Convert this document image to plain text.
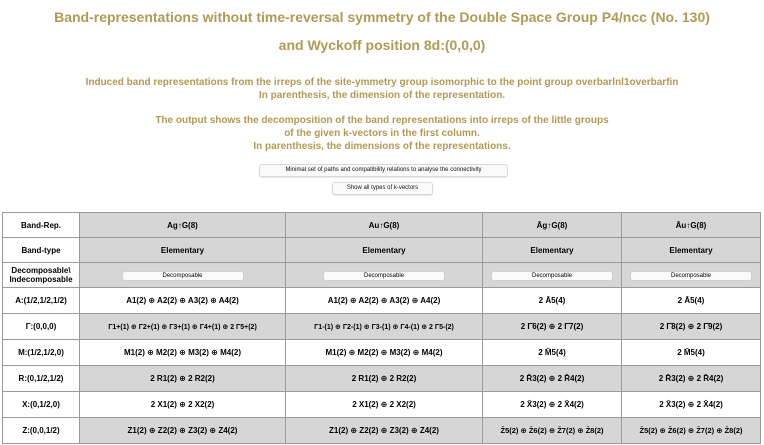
Band-representations without time-reversal symmetry of the Double Space Group P4/ncc (No. 130)
and Wyckoff position 8d:(0,0,0)
Induced band representations from the irreps of the site-ymmetry group isomorphic to the point group overbarlnl1overbarfin
In parenthesis, the dimension of the representation.
The output shows the decomposition of the band representations into irreps of the little groups
of the given k-vectors in the first column.
In parenthesis, the dimensions of the representations.
Minimal set of paths and compatibility relations to analyse the connectivity
Show all types of k-vectors
Band-Rep.	Ag↑G(8)	Au↑G(8)	Āg↑G(8)	Āu↑G(8)
Band-type	Elementary	Elementary	Elementary	Elementary
Decomposable\ Indecomposable	Decomposable	Decomposable	Decomposable	Decomposable
A:(1/2,1/2,1/2)	A1(2) ⊕ A2(2) ⊕ A3(2) ⊕ A4(2)	A1(2) ⊕ A2(2) ⊕ A3(2) ⊕ A4(2)	2 Ā5(4)	2 Ā5(4)
Γ:(0,0,0)	Γ1+(1) ⊕ Γ2+(1) ⊕ Γ3+(1) ⊕ Γ4+(1) ⊕ 2 Γ5+(2)	Γ1-(1) ⊕ Γ2-(1) ⊕ Γ3-(1) ⊕ Γ4-(1) ⊕ 2 Γ5-(2)	2 Γ̄6(2) ⊕ 2 Γ̄7(2)	2 Γ̄8(2) ⊕ 2 Γ̄9(2)
M:(1/2,1/2,0)	M1(2) ⊕ M2(2) ⊕ M3(2) ⊕ M4(2)	M1(2) ⊕ M2(2) ⊕ M3(2) ⊕ M4(2)	2 M̄5(4)	2 M̄5(4)
R:(0,1/2,1/2)	2 R1(2) ⊕ 2 R2(2)	2 R1(2) ⊕ 2 R2(2)	2 R̄3(2) ⊕ 2 R̄4(2)	2 R̄3(2) ⊕ 2 R̄4(2)
X:(0,1/2,0)	2 X1(2) ⊕ 2 X2(2)	2 X1(2) ⊕ 2 X2(2)	2 X̄3(2) ⊕ 2 X̄4(2)	2 X̄3(2) ⊕ 2 X̄4(2)
Z:(0,0,1/2)	Z1(2) ⊕ Z2(2) ⊕ Z3(2) ⊕ Z4(2)	Z1(2) ⊕ Z2(2) ⊕ Z3(2) ⊕ Z4(2)	Z̄5(2) ⊕ Z̄6(2) ⊕ Z̄7(2) ⊕ Z̄8(2)	Z̄5(2) ⊕ Z̄6(2) ⊕ Z̄7(2) ⊕ Z̄8(2)
